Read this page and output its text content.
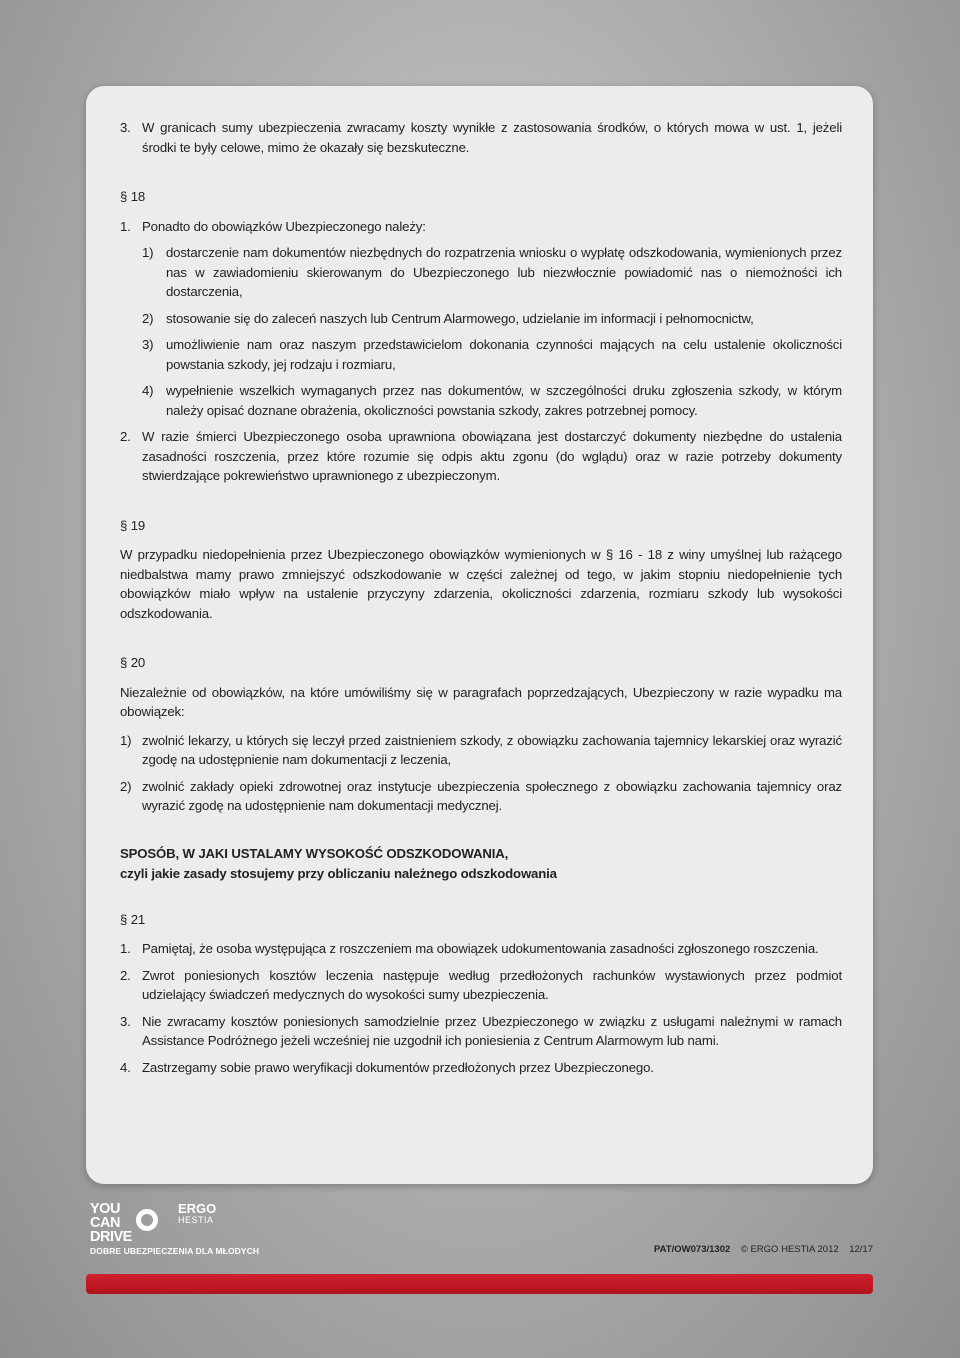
3. W granicach sumy ubezpieczenia zwracamy koszty wynikłe z zastosowania środków, o których mowa w ust. 1, jeżeli środki te były celowe, mimo że okazały się bezskuteczne.
§ 18
1. Ponadto do obowiązków Ubezpieczonego należy:
1) dostarczenie nam dokumentów niezbędnych do rozpatrzenia wniosku o wypłatę odszkodowania, wymienionych przez nas w zawiadomieniu skierowanym do Ubezpieczonego lub niezwłocznie powiadomić nas o niemożności ich dostarczenia,
2) stosowanie się do zaleceń naszych lub Centrum Alarmowego, udzielanie im informacji i pełnomocnictw,
3) umożliwienie nam oraz naszym przedstawicielom dokonania czynności mających na celu ustalenie okoliczności powstania szkody, jej rodzaju i rozmiaru,
4) wypełnienie wszelkich wymaganych przez nas dokumentów, w szczególności druku zgłoszenia szkody, w którym należy opisać doznane obrażenia, okoliczności powstania szkody, zakres potrzebnej pomocy.
2. W razie śmierci Ubezpieczonego osoba uprawniona obowiązana jest dostarczyć dokumenty niezbędne do ustalenia zasadności roszczenia, przez które rozumie się odpis aktu zgonu (do wglądu) oraz w razie potrzeby dokumenty stwierdzające pokrewieństwo uprawnionego z ubezpieczonym.
§ 19
W przypadku niedopełnienia przez Ubezpieczonego obowiązków wymienionych w § 16 - 18 z winy umyślnej lub rażącego niedbalstwa mamy prawo zmniejszyć odszkodowanie w części zależnej od tego, w jakim stopniu niedopełnienie tych obowiązków miało wpływ na ustalenie przyczyny zdarzenia, okoliczności zdarzenia, rozmiaru szkody lub wysokości odszkodowania.
§ 20
Niezależnie od obowiązków, na które umówiliśmy się w paragrafach poprzedzających, Ubezpieczony w razie wypadku ma obowiązek:
1) zwolnić lekarzy, u których się leczył przed zaistnieniem szkody, z obowiązku zachowania tajemnicy lekarskiej oraz wyrazić zgodę na udostępnienie nam dokumentacji z leczenia,
2) zwolnić zakłady opieki zdrowotnej oraz instytucje ubezpieczenia społecznego z obowiązku zachowania tajemnicy oraz wyrazić zgodę na udostępnienie nam dokumentacji medycznej.
SPOSÓB, W JAKI USTALAMY WYSOKOŚĆ ODSZKODOWANIA,
czyli jakie zasady stosujemy przy obliczaniu należnego odszkodowania
§ 21
1. Pamiętaj, że osoba występująca z roszczeniem ma obowiązek udokumentowania zasadności zgłoszonego roszczenia.
2. Zwrot poniesionych kosztów leczenia następuje według przedłożonych rachunków wystawionych przez podmiot udzielający świadczeń medycznych do wysokości sumy ubezpieczenia.
3. Nie zwracamy kosztów poniesionych samodzielnie przez Ubezpieczonego w związku z usługami należnymi w ramach Assistance Podróżnego jeżeli wcześniej nie uzgodnił ich poniesienia z Centrum Alarmowym lub nami.
4. Zastrzegamy sobie prawo weryfikacji dokumentów przedłożonych przez Ubezpieczonego.
YOU
CAN
DRIVE
ERGO
HESTIA
DOBRE UBEZPIECZENIA DLA MŁODYCH	PAT/OW073/1302 © ERGO HESTIA 2012 12/17
